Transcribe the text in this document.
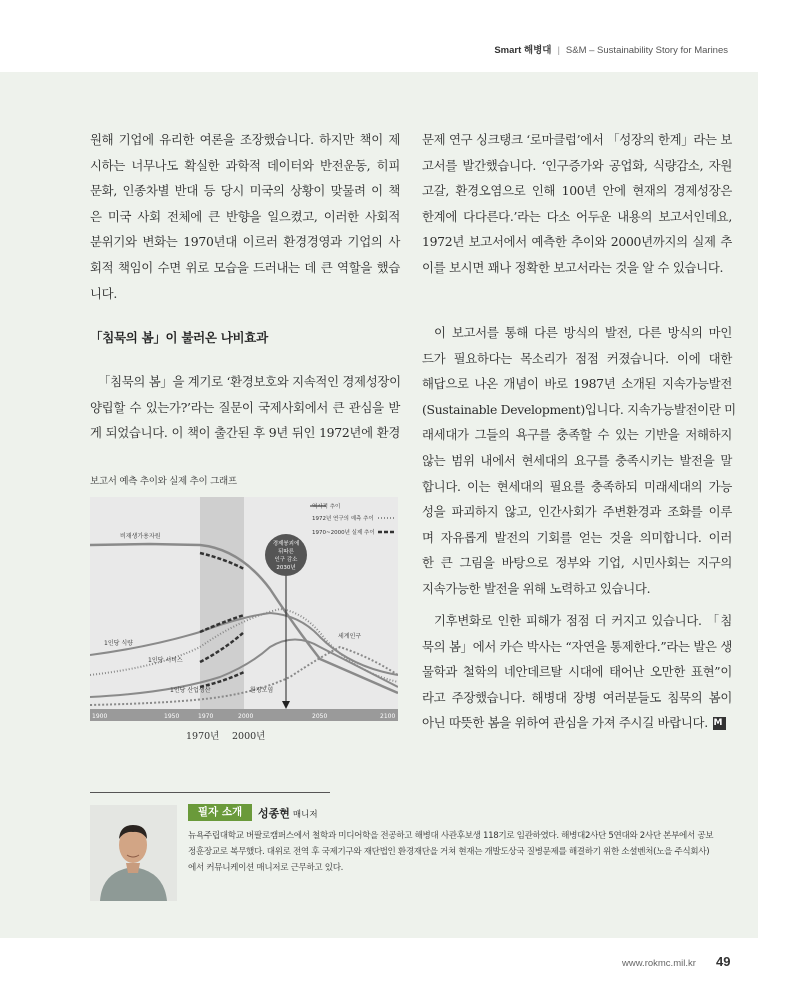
Smart 해병대 | S&M – Sustainability Story for Marines

원해 기업에 유리한 여론을 조장했습니다. 하지만 책이 제
시하는 너무나도 확실한 과학적 데이터와 반전운동, 히피
문화, 인종차별 반대 등 당시 미국의 상황이 맞물려 이 책
은 미국 사회 전체에 큰 반향을 일으켰고, 이러한 사회적
분위기와 변화는 1970년대 이르러 환경경영과 기업의 사
회적 책임이 수면 위로 모습을 드러내는 데 큰 역할을 했습
니다.

「침묵의 봄」이 불러온 나비효과

「침묵의 봄」을 계기로 ‘환경보호와 지속적인 경제성장이
양립할 수 있는가?’라는 질문이 국제사회에서 큰 관심을 받
게 되었습니다. 이 책이 출간된 후 9년 뒤인 1972년에 환경

보고서 예측 추이와 실제 추이 그래프
1900	1950	1970	2000	2050	2100
경제붕괴에
뒤따른
인구 감소
2030년
역사적 추이
1972년 연구의 예측 추이
1970~2000년 실제 추이
비재생가용자원
1인당 식량
1인당 서비스
1인당 산업생산
세계인구
환경오염
1970년 2000년

문제 연구 싱크탱크 ‘로마클럽’에서 「성장의 한계」라는 보
고서를 발간했습니다. ‘인구증가와 공업화, 식량감소, 자원
고갈, 환경오염으로 인해 100년 안에 현재의 경제성장은
한계에 다다른다.’라는 다소 어두운 내용의 보고서인데요,
1972년 보고서에서 예측한 추이와 2000년까지의 실제 추
이를 보시면 꽤나 정확한 보고서라는 것을 알 수 있습니다.

이 보고서를 통해 다른 방식의 발전, 다른 방식의 마인
드가 필요하다는 목소리가 점점 커졌습니다. 이에 대한
해답으로 나온 개념이 바로 1987년 소개된 지속가능발전
(Sustainable Development)입니다. 지속가능발전이란 미
래세대가 그들의 욕구를 충족할 수 있는 기반을 저해하지
않는 범위 내에서 현세대의 요구를 충족시키는 발전을 말
합니다. 이는 현세대의 필요를 충족하되 미래세대의 가능
성을 파괴하지 않고, 인간사회가 주변환경과 조화를 이루
며 자유롭게 발전의 기회를 얻는 것을 의미합니다. 이러
한 큰 그림을 바탕으로 정부와 기업, 시민사회는 지구의
지속가능한 발전을 위해 노력하고 있습니다.

기후변화로 인한 피해가 점점 더 커지고 있습니다. 「침
묵의 봄」에서 카슨 박사는 “자연을 통제한다.”라는 발은 생
물학과 철학의 네안데르탈 시대에 태어난 오만한 표현”이
라고 주장했습니다. 해병대 장병 여러분들도 침묵의 봄이
아닌 따뜻한 봄을 위하여 관심을 가져 주시길 바랍니다. M

필자 소개	성종현 매니저
뉴욕주립대학교 버팔로캠퍼스에서 철학과 미디어학을 전공하고 해병대 사관후보생 118기로 임관하였다. 해병대2사단 5연대와 2사단 본부에서 공보
정훈장교로 복무했다. 대위로 전역 후 국제기구와 재단법인 환경재단을 거쳐 현재는 개발도상국 질병문제를 해결하기 위한 소셜벤처(노을 주식회사)
에서 커뮤니케이션 매니저로 근무하고 있다.
www.rokmc.mil.kr 49
